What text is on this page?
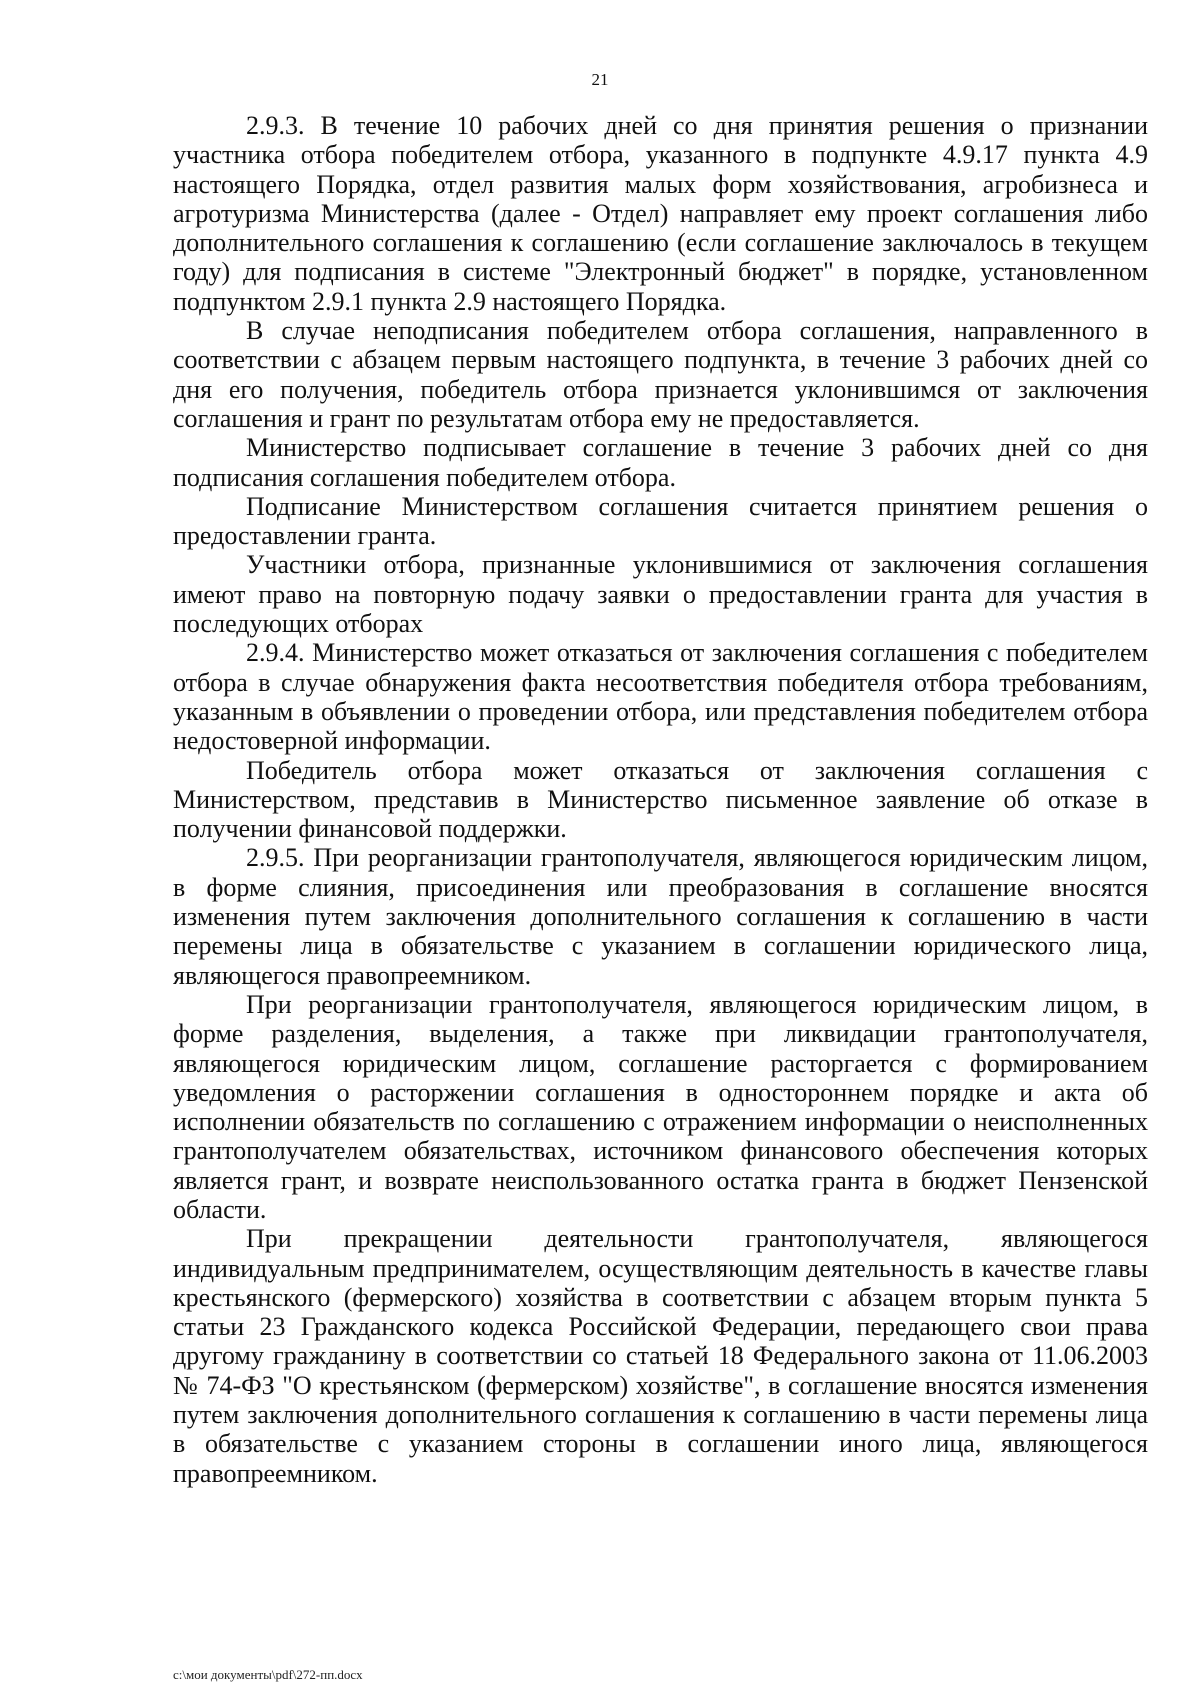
21

2.9.3. В течение 10 рабочих дней со дня принятия решения о признании участника отбора победителем отбора, указанного в подпункте 4.9.17 пункта 4.9 настоящего Порядка, отдел развития малых форм хозяйствования, агробизнеса и агротуризма Министерства (далее - Отдел) направляет ему проект соглашения либо дополнительного соглашения к соглашению (если соглашение заключалось в текущем году) для подписания в системе "Электронный бюджет" в порядке, установленном подпунктом 2.9.1 пункта 2.9 настоящего Порядка.

В случае неподписания победителем отбора соглашения, направленного в соответствии с абзацем первым настоящего подпункта, в течение 3 рабочих дней со дня его получения, победитель отбора признается уклонившимся от заключения соглашения и грант по результатам отбора ему не предоставляется.

Министерство подписывает соглашение в течение 3 рабочих дней со дня подписания соглашения победителем отбора.

Подписание Министерством соглашения считается принятием решения о предоставлении гранта.

Участники отбора, признанные уклонившимися от заключения соглашения имеют право на повторную подачу заявки о предоставлении гранта для участия в последующих отборах

2.9.4. Министерство может отказаться от заключения соглашения с победителем отбора в случае обнаружения факта несоответствия победителя отбора требованиям, указанным в объявлении о проведении отбора, или представления победителем отбора недостоверной информации.

Победитель отбора может отказаться от заключения соглашения с Министерством, представив в Министерство письменное заявление об отказе в получении финансовой поддержки.

2.9.5. При реорганизации грантополучателя, являющегося юридическим лицом, в форме слияния, присоединения или преобразования в соглашение вносятся изменения путем заключения дополнительного соглашения к соглашению в части перемены лица в обязательстве с указанием в соглашении юридического лица, являющегося правопреемником.

При реорганизации грантополучателя, являющегося юридическим лицом, в форме разделения, выделения, а также при ликвидации грантополучателя, являющегося юридическим лицом, соглашение расторгается с формированием уведомления о расторжении соглашения в одностороннем порядке и акта об исполнении обязательств по соглашению с отражением информации о неисполненных грантополучателем обязательствах, источником финансового обеспечения которых является грант, и возврате неиспользованного остатка гранта в бюджет Пензенской области.

При прекращении деятельности грантополучателя, являющегося индивидуальным предпринимателем, осуществляющим деятельность в качестве главы крестьянского (фермерского) хозяйства в соответствии с абзацем вторым пункта 5 статьи 23 Гражданского кодекса Российской Федерации, передающего свои права другому гражданину в соответствии со статьей 18 Федерального закона от 11.06.2003 № 74-ФЗ "О крестьянском (фермерском) хозяйстве", в соглашение вносятся изменения путем заключения дополнительного соглашения к соглашению в части перемены лица в обязательстве с указанием стороны в соглашении иного лица, являющегося правопреемником.

c:\мои документы\pdf\272-пп.docx
